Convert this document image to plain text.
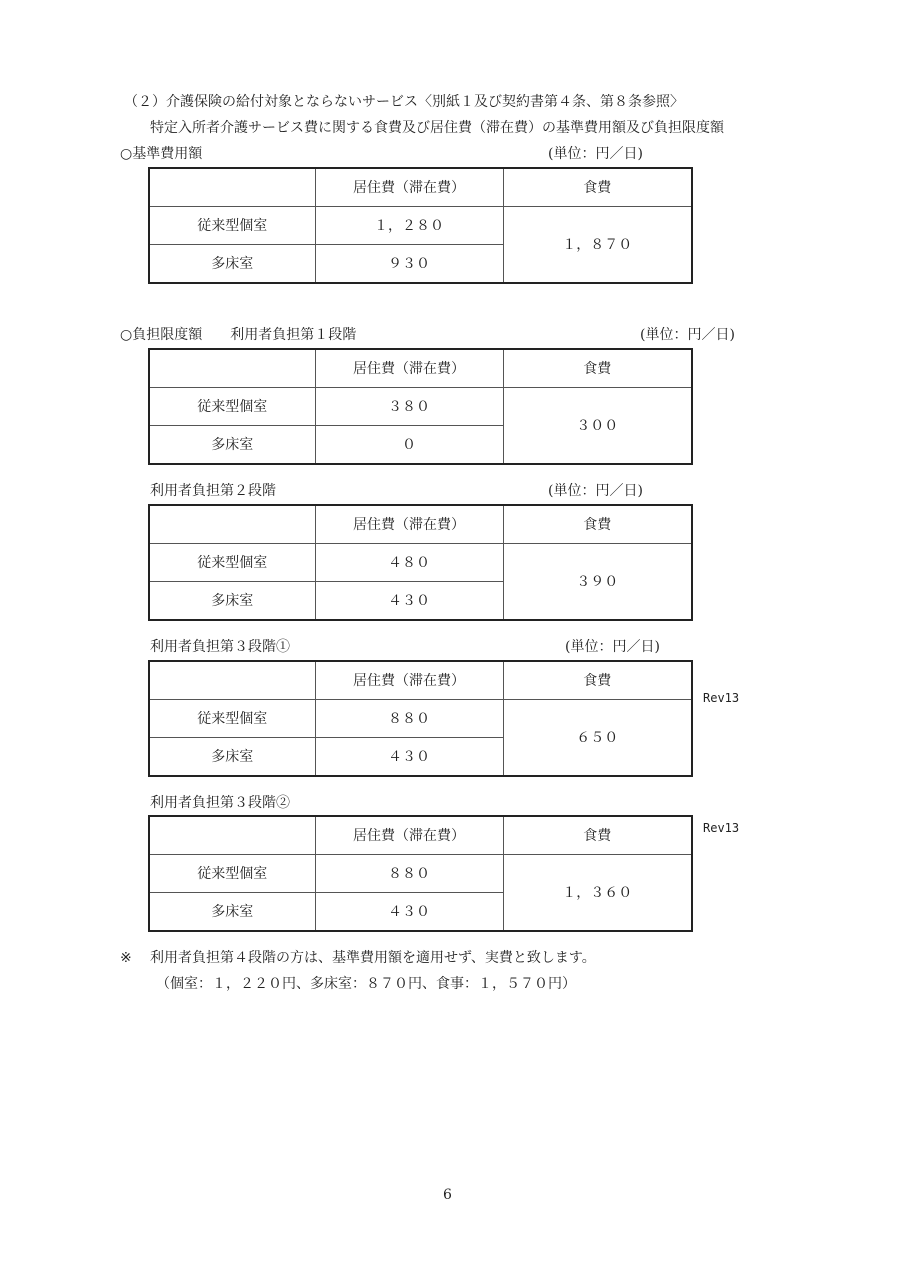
（２）介護保険の給付対象とならないサービス〈別紙１及び契約書第４条、第８条参照〉
特定入所者介護サービス費に関する食費及び居住費（滞在費）の基準費用額及び負担限度額
○基準費用額	(単位：円／日)
	居住費（滞在費）	食費
従来型個室	１，２８０	１，８７０
多床室	９３０	
○負担限度額　　利用者負担第１段階	(単位：円／日)
	居住費（滞在費）	食費
従来型個室	３８０	３００
多床室	０	
利用者負担第２段階	(単位：円／日)
	居住費（滞在費）	食費
従来型個室	４８０	３９０
多床室	４３０	
利用者負担第３段階①	(単位：円／日)
Rev13
	居住費（滞在費）	食費
従来型個室	８８０	６５０
多床室	４３０	
利用者負担第３段階②
Rev13
	居住費（滞在費）	食費
従来型個室	８８０	１，３６０
多床室	４３０	
※ 利用者負担第４段階の方は、基準費用額を適用せず、実費と致します。
（個室：１，２２０円、多床室：８７０円、食事：１，５７０円）
6
